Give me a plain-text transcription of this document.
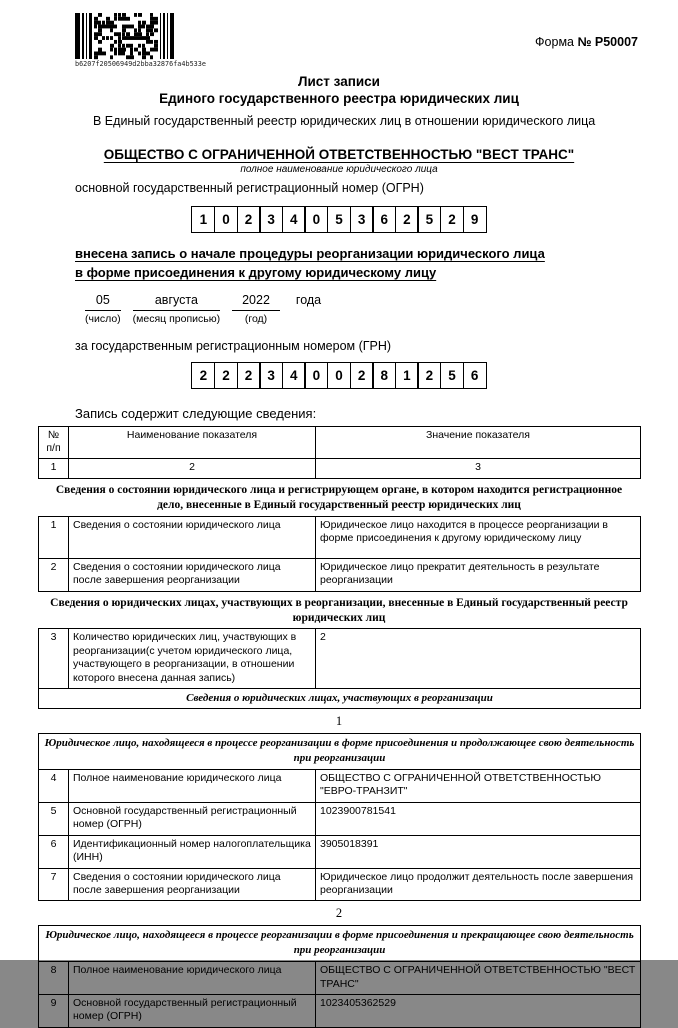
b6207f20506949d2bba32876fa4b533e
Форма № Р50007
Лист записи
Единого государственного реестра юридических лиц
В Единый государственный реестр юридических лиц в отношении юридического лица
ОБЩЕСТВО С ОГРАНИЧЕННОЙ ОТВЕТСТВЕННОСТЬЮ "ВЕСТ ТРАНС"
полное наименование юридического лица
основной государственный регистрационный номер (ОГРН)
1	0	2	3	4	0	5	3	6	2	5	2	9
внесена запись о начале процедуры реорганизации юридического лица
в форме присоединения к другому юридическому лицу
05
(число)
августа
(месяц прописью)
2022
(год)
года
за государственным регистрационным номером (ГРН)
2	2	2	3	4	0	0	2	8	1	2	5	6
Запись содержит следующие сведения:
№ п/п	Наименование показателя	Значение показателя
1	2	3
Сведения о состоянии юридического лица и регистрирующем органе, в котором находится регистрационное дело, внесенные в Единый государственный реестр юридических лиц
1	Сведения о состоянии юридического лица	Юридическое лицо находится в процессе реорганизации в форме присоединения к другому юридическому лицу
2	Сведения о состоянии юридического лица после завершения реорганизации	Юридическое лицо прекратит деятельность в результате реорганизации
Сведения о юридических лицах, участвующих в реорганизации, внесенные в Единый государственный реестр юридических лиц
3	Количество юридических лиц, участвующих в реорганизации(с учетом юридического лица, участвующего в реорганизации, в отношении которого внесена данная запись)	2
Сведения о юридических лицах, участвующих в реорганизации
1
Юридическое лицо, находящееся в процессе реорганизации в форме присоединения и продолжающее свою деятельность при реорганизации		
4	Полное наименование юридического лица	ОБЩЕСТВО С ОГРАНИЧЕННОЙ ОТВЕТСТВЕННОСТЬЮ "ЕВРО-ТРАНЗИТ"
5	Основной государственный регистрационный номер (ОГРН)	1023900781541
6	Идентификационный номер налогоплательщика (ИНН)	3905018391
7	Сведения о состоянии юридического лица после завершения реорганизации	Юридическое лицо продолжит деятельность после завершения реорганизации
2
Юридическое лицо, находящееся в процессе реорганизации в форме присоединения и прекращающее свою деятельность при реорганизации		
8	Полное наименование юридического лица	ОБЩЕСТВО С ОГРАНИЧЕННОЙ ОТВЕТСТВЕННОСТЬЮ "ВЕСТ ТРАНС"
9	Основной государственный регистрационный номер (ОГРН)	1023405362529
